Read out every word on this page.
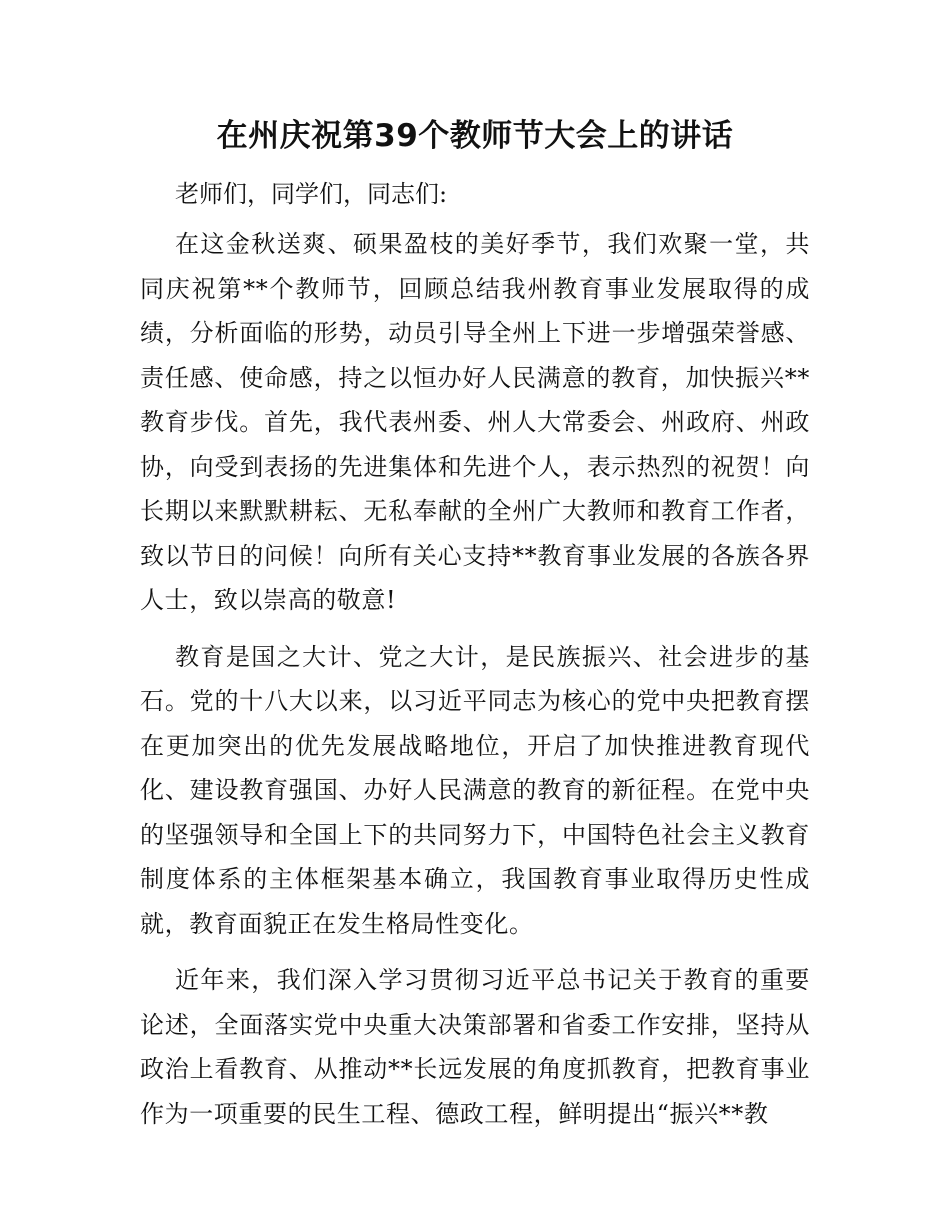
在州庆祝第39个教师节大会上的讲话

老师们，同学们，同志们:

在这金秋送爽、硕果盈枝的美好季节，我们欢聚一堂，共同庆祝第**个教师节，回顾总结我州教育事业发展取得的成绩，分析面临的形势，动员引导全州上下进一步增强荣誉感、责任感、使命感，持之以恒办好人民满意的教育，加快振兴**教育步伐。首先，我代表州委、州人大常委会、州政府、州政协，向受到表扬的先进集体和先进个人，表示热烈的祝贺！向长期以来默默耕耘、无私奉献的全州广大教师和教育工作者，致以节日的问候！向所有关心支持**教育事业发展的各族各界人士，致以崇高的敬意!

教育是国之大计、党之大计，是民族振兴、社会进步的基石。党的十八大以来，以习近平同志为核心的党中央把教育摆在更加突出的优先发展战略地位，开启了加快推进教育现代化、建设教育强国、办好人民满意的教育的新征程。在党中央的坚强领导和全国上下的共同努力下，中国特色社会主义教育制度体系的主体框架基本确立，我国教育事业取得历史性成就，教育面貌正在发生格局性变化。

近年来，我们深入学习贯彻习近平总书记关于教育的重要论述，全面落实党中央重大决策部署和省委工作安排，坚持从政治上看教育、从推动**长远发展的角度抓教育，把教育事业作为一项重要的民生工程、德政工程，鲜明提出“振兴**教
